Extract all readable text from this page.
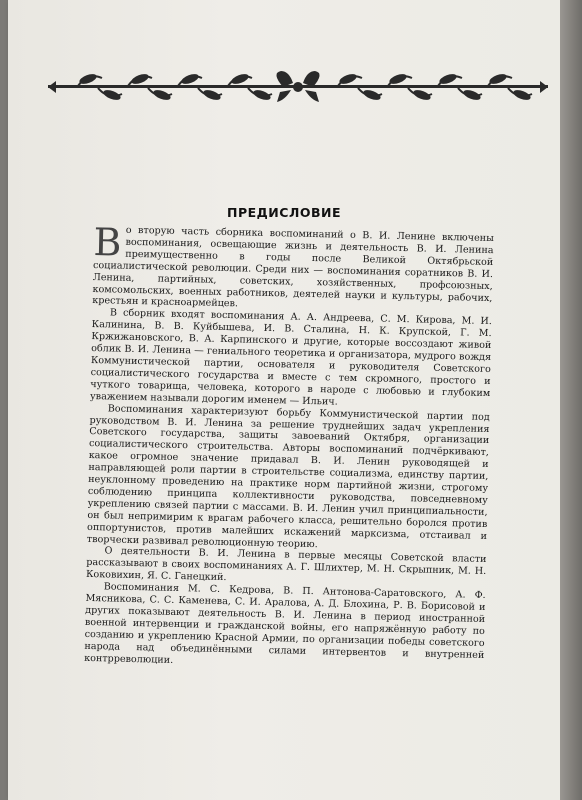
ПРЕДИСЛОВИЕ

Во вторую часть сборника воспоминаний о В. И. Ленине включены воспоминания, освещающие жизнь и деятельность В. И. Ленина преимущественно в годы после Великой Октябрьской социалистической революции. Среди них — воспоминания соратников В. И. Ленина, партийных, советских, хозяйственных, профсоюзных, комсомольских, военных работников, деятелей науки и культуры, рабочих, крестьян и красноармейцев.

В сборник входят воспоминания А. А. Андреева, С. М. Кирова, М. И. Калинина, В. В. Куйбышева, И. В. Сталина, Н. К. Крупской, Г. М. Кржижановского, В. А. Карпинского и другие, которые воссоздают живой облик В. И. Ленина — гениального теоретика и организатора, мудрого вождя Коммунистической партии, основателя и руководителя Советского социалистического государства и вместе с тем скромного, простого и чуткого товарища, человека, которого в народе с любовью и глубоким уважением называли дорогим именем — Ильич.

Воспоминания характеризуют борьбу Коммунистической партии под руководством В. И. Ленина за решение труднейших задач укрепления Советского государства, защиты завоеваний Октября, организации социалистического строительства. Авторы воспоминаний подчёркивают, какое огромное значение придавал В. И. Ленин руководящей и направляющей роли партии в строительстве социализма, единству партии, неуклонному проведению на практике норм партийной жизни, строгому соблюдению принципа коллективности руководства, повседневному укреплению связей партии с массами. В. И. Ленин учил принципиальности, он был непримирим к врагам рабочего класса, решительно боролся против оппортунистов, против малейших искажений марксизма, отстаивал и творчески развивал революционную теорию.

О деятельности В. И. Ленина в первые месяцы Советской власти рассказывают в своих воспоминаниях А. Г. Шлихтер, М. Н. Скрыпник, М. Н. Коковихин, Я. С. Ганецкий.

Воспоминания М. С. Кедрова, В. П. Антонова-Саратовского, А. Ф. Мясникова, С. С. Каменева, С. И. Аралова, А. Д. Блохина, Р. В. Борисовой и других показывают деятельность В. И. Ленина в период иностранной военной интервенции и гражданской войны, его напряжённую работу по созданию и укреплению Красной Армии, по организации победы советского народа над объединёнными силами интервентов и внутренней контрреволюции.
